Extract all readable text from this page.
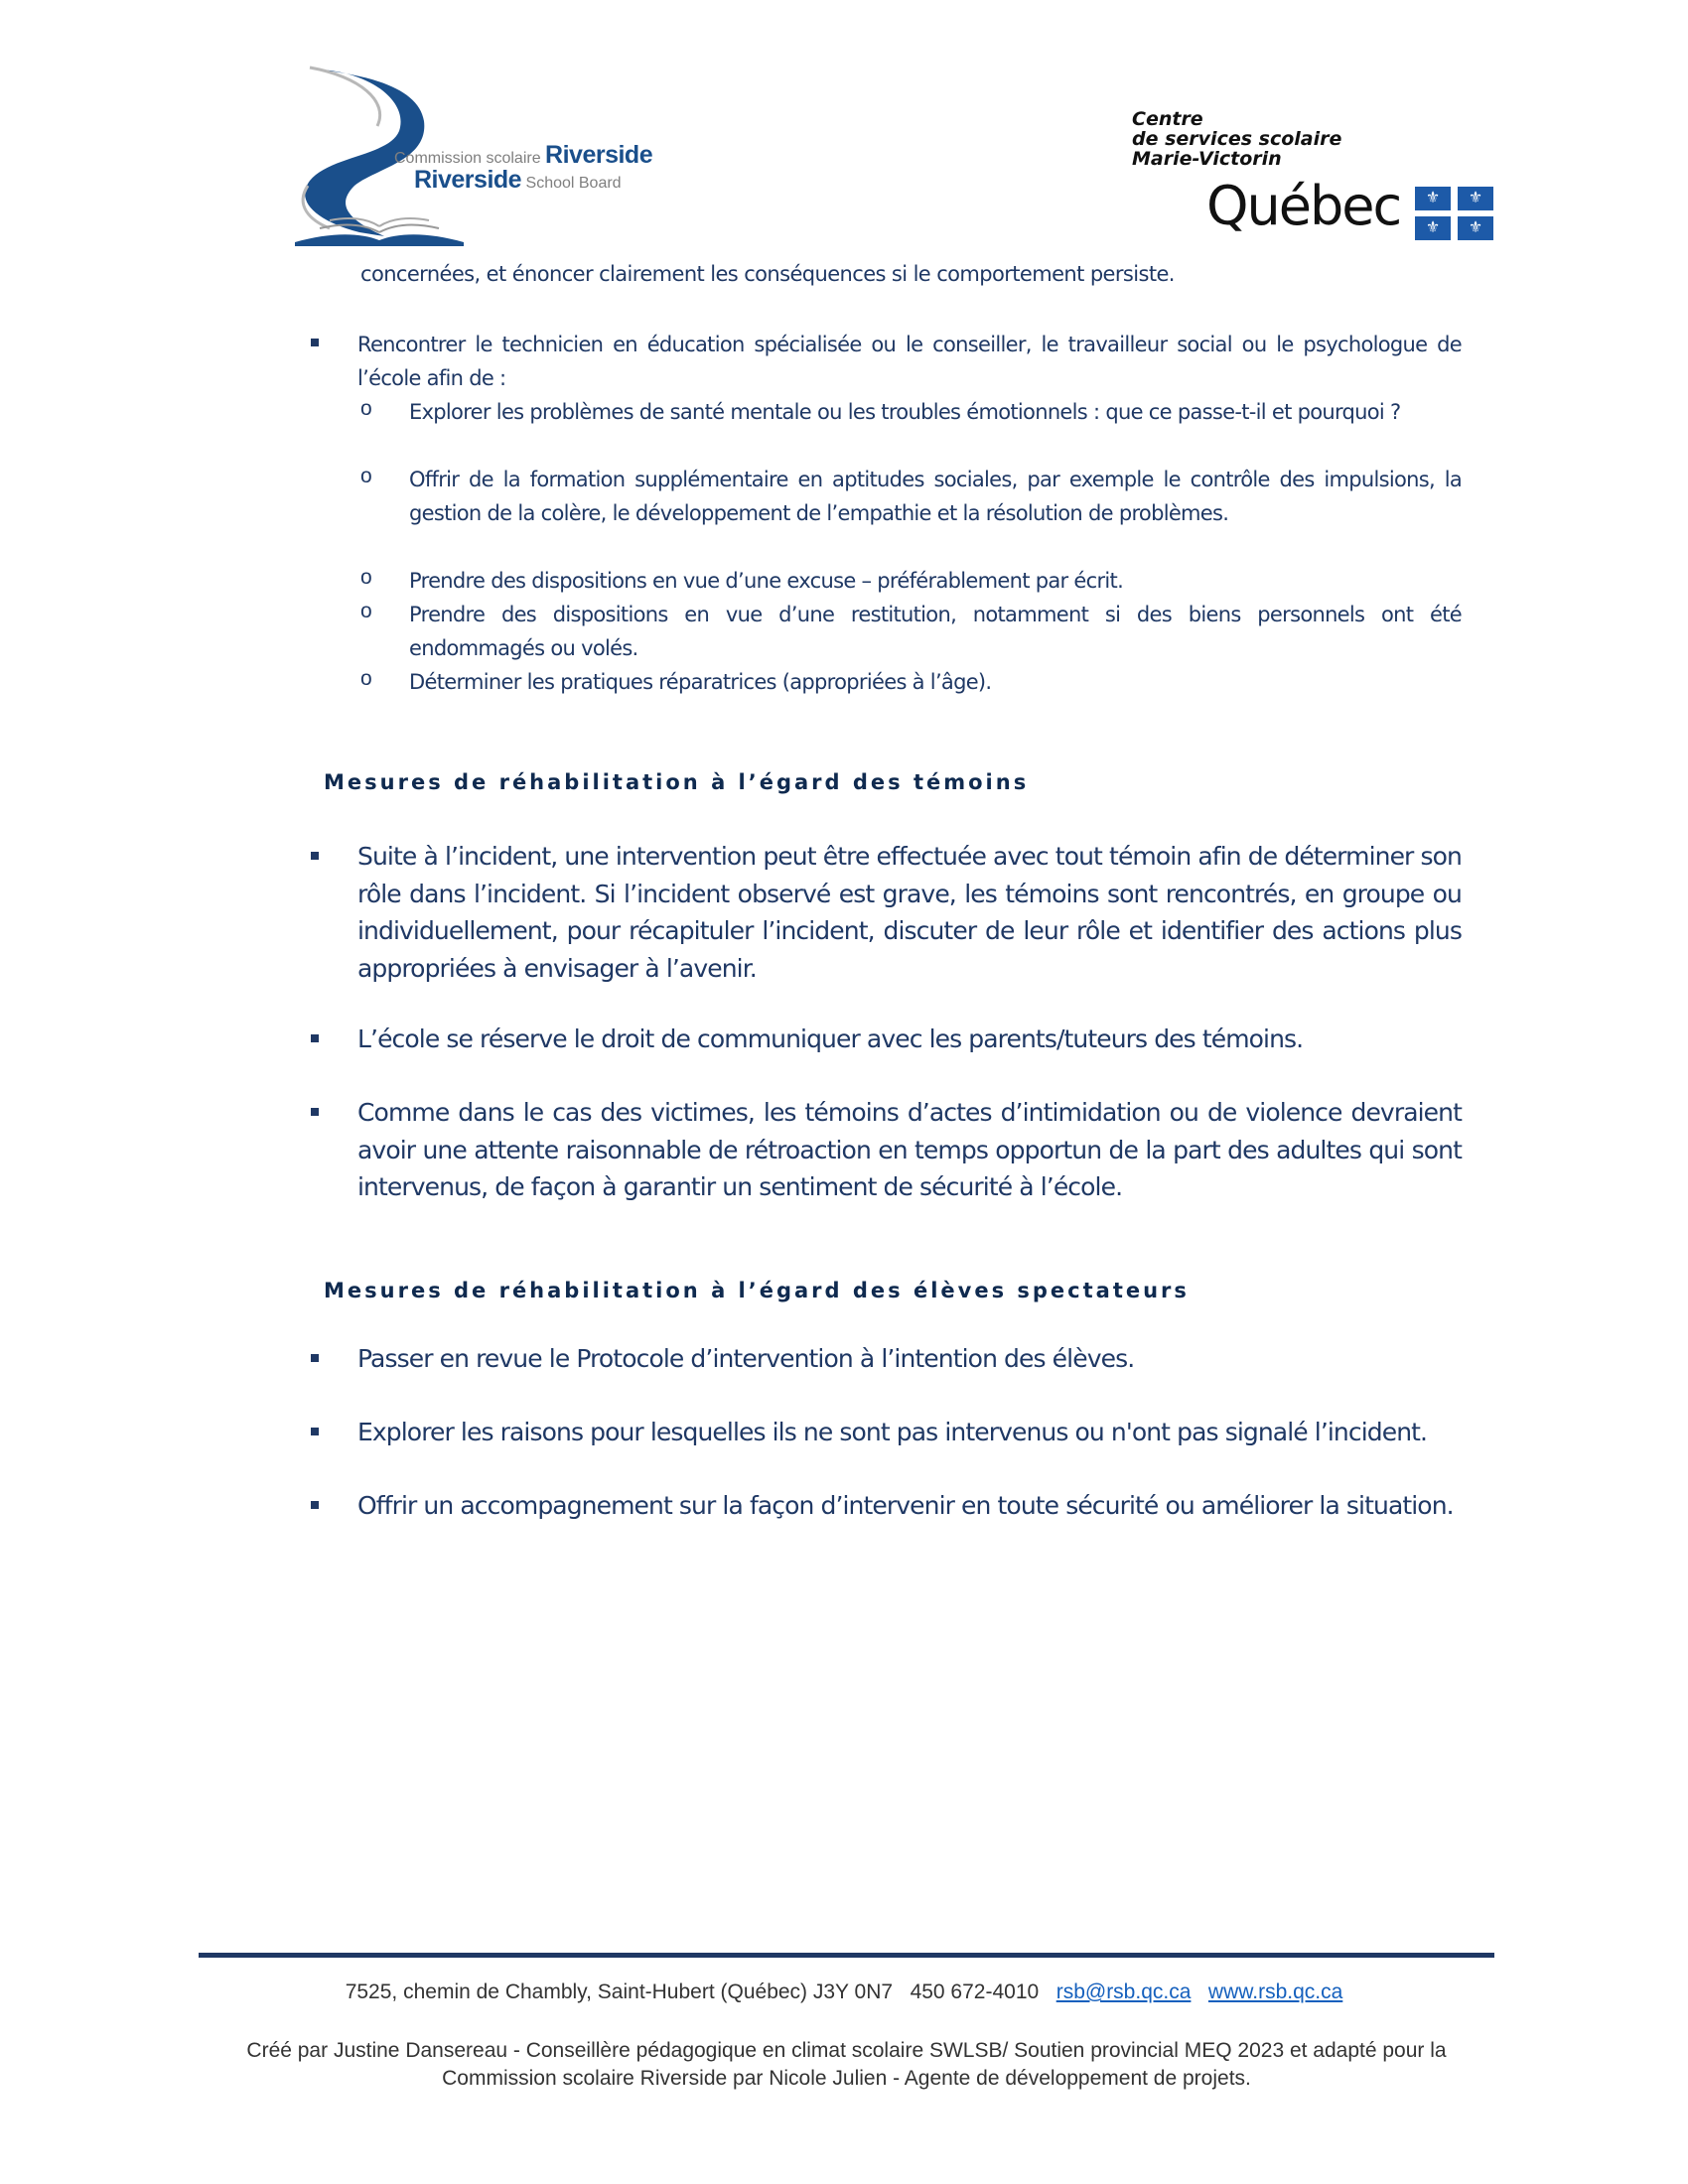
Commission scolaire Riverside
Riverside School Board
Centre
de services scolaire
Marie-Victorin
Québec	⚜	⚜
⚜	⚜
concernées, et énoncer clairement les conséquences si le comportement persiste.
Rencontrer le technicien en éducation spécialisée ou le conseiller, le travailleur social ou le psychologue de l’école afin de :
o Explorer les problèmes de santé mentale ou les troubles émotionnels : que ce passe-t-il et pourquoi ?
o Offrir de la formation supplémentaire en aptitudes sociales, par exemple le contrôle des impulsions, la gestion de la colère, le développement de l’empathie et la résolution de problèmes.
o Prendre des dispositions en vue d’une excuse – préférablement par écrit.
o Prendre des dispositions en vue d’une restitution, notamment si des biens personnels ont été endommagés ou volés.
o Déterminer les pratiques réparatrices (appropriées à l’âge).
Mesures de réhabilitation à l’égard des témoins
Suite à l’incident, une intervention peut être effectuée avec tout témoin afin de déterminer son rôle dans l’incident. Si l’incident observé est grave, les témoins sont rencontrés, en groupe ou individuellement, pour récapituler l’incident, discuter de leur rôle et identifier des actions plus appropriées à envisager à l’avenir.
L’école se réserve le droit de communiquer avec les parents/tuteurs des témoins.
Comme dans le cas des victimes, les témoins d’actes d’intimidation ou de violence devraient avoir une attente raisonnable de rétroaction en temps opportun de la part des adultes qui sont intervenus, de façon à garantir un sentiment de sécurité à l’école.
Mesures de réhabilitation à l’égard des élèves spectateurs
Passer en revue le Protocole d’intervention à l’intention des élèves.
Explorer les raisons pour lesquelles ils ne sont pas intervenus ou n'ont pas signalé l’incident.
Offrir un accompagnement sur la façon d’intervenir en toute sécurité ou améliorer la situation.
7525, chemin de Chambly, Saint-Hubert (Québec) J3Y 0N7 450 672-4010 rsb@rsb.qc.ca www.rsb.qc.ca
Créé par Justine Dansereau - Conseillère pédagogique en climat scolaire SWLSB/ Soutien provincial MEQ 2023 et adapté pour la Commission scolaire Riverside par Nicole Julien - Agente de développement de projets.
